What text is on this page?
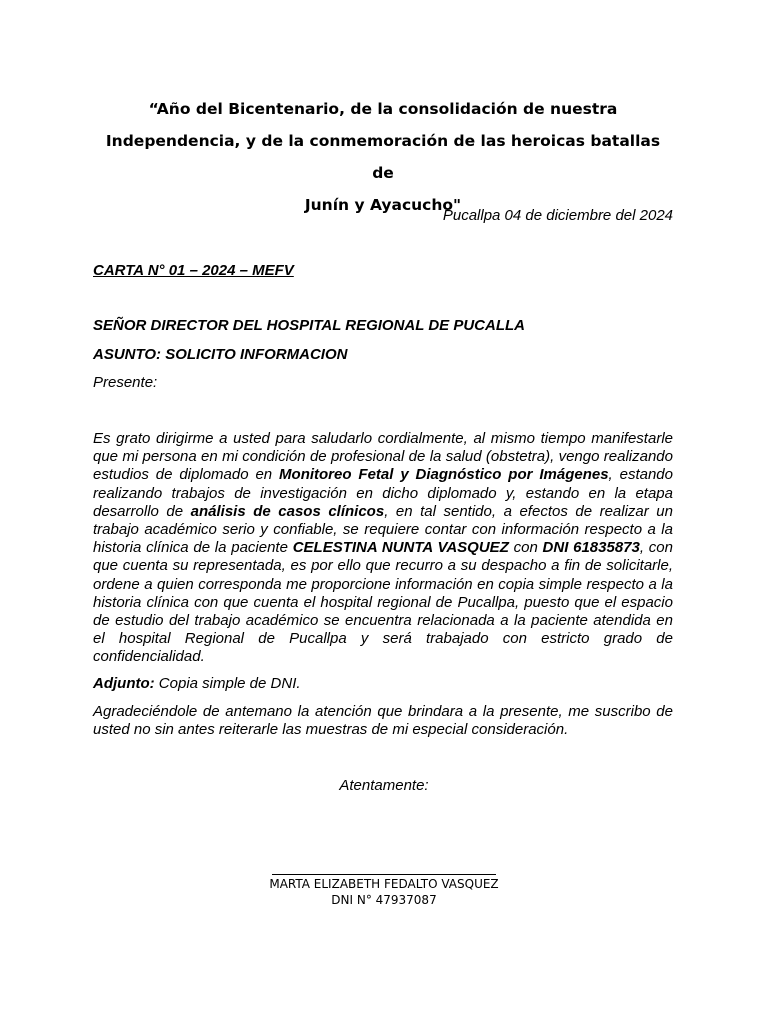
“Año del Bicentenario, de la consolidación de nuestra
Independencia, y de la conmemoración de las heroicas batallas de
Junín y Ayacucho"
Pucallpa 04 de diciembre del 2024
CARTA N° 01 – 2024 – MEFV
SEÑOR DIRECTOR DEL HOSPITAL REGIONAL DE PUCALLA
ASUNTO: SOLICITO INFORMACION
Presente:
Es grato dirigirme a usted para saludarlo cordialmente, al mismo tiempo manifestarle que mi persona en mi condición de profesional de la salud (obstetra), vengo realizando estudios de diplomado en Monitoreo Fetal y Diagnóstico por Imágenes, estando realizando trabajos de investigación en dicho diplomado y, estando en la etapa desarrollo de análisis de casos clínicos, en tal sentido, a efectos de realizar un trabajo académico serio y confiable, se requiere contar con información respecto a la historia clínica de la paciente CELESTINA NUNTA VASQUEZ con DNI 61835873, con que cuenta su representada, es por ello que recurro a su despacho a fin de solicitarle, ordene a quien corresponda me proporcione información en copia simple respecto a la historia clínica con que cuenta el hospital regional de Pucallpa, puesto que el espacio de estudio del trabajo académico se encuentra relacionada a la paciente atendida en el hospital Regional de Pucallpa y será trabajado con estricto grado de confidencialidad.
Adjunto: Copia simple de DNI.
Agradeciéndole de antemano la atención que brindara a la presente, me suscribo de usted no sin antes reiterarle las muestras de mi especial consideración.
Atentamente:
MARTA ELIZABETH FEDALTO VASQUEZ
DNI N° 47937087
